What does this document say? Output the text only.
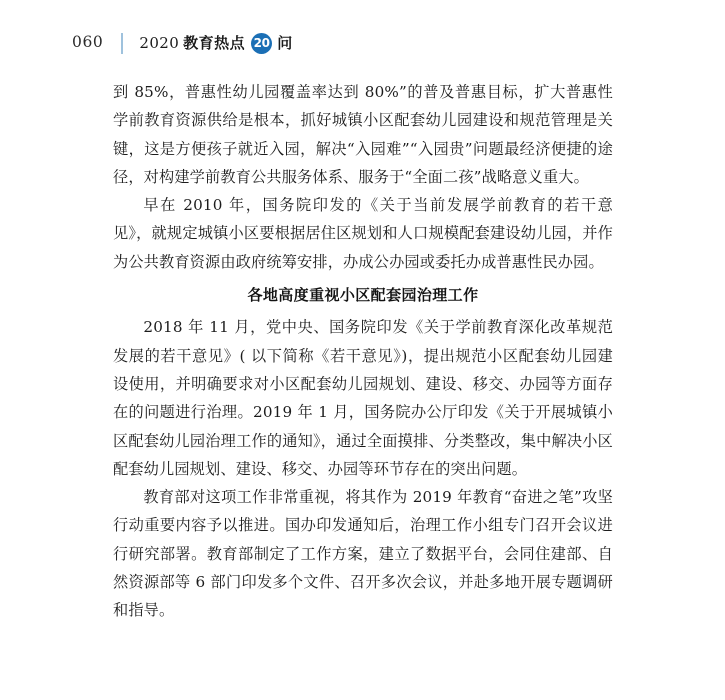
060 2020 教育热点 20 问

到 85%，普惠性幼儿园覆盖率达到 80%”的普及普惠目标，扩大普惠性学前教育资源供给是根本，抓好城镇小区配套幼儿园建设和规范管理是关键，这是方便孩子就近入园，解决“入园难”“入园贵”问题最经济便捷的途径，对构建学前教育公共服务体系、服务于“全面二孩”战略意义重大。

早在 2010 年，国务院印发的《关于当前发展学前教育的若干意见》，就规定城镇小区要根据居住区规划和人口规模配套建设幼儿园，并作为公共教育资源由政府统筹安排，办成公办园或委托办成普惠性民办园。

各地高度重视小区配套园治理工作

2018 年 11 月，党中央、国务院印发《关于学前教育深化改革规范发展的若干意见》( 以下简称《若干意见》)，提出规范小区配套幼儿园建设使用，并明确要求对小区配套幼儿园规划、建设、移交、办园等方面存在的问题进行治理。2019 年 1 月，国务院办公厅印发《关于开展城镇小区配套幼儿园治理工作的通知》，通过全面摸排、分类整改，集中解决小区配套幼儿园规划、建设、移交、办园等环节存在的突出问题。

教育部对这项工作非常重视，将其作为 2019 年教育“奋进之笔”攻坚行动重要内容予以推进。国办印发通知后，治理工作小组专门召开会议进行研究部署。教育部制定了工作方案，建立了数据平台，会同住建部、自然资源部等 6 部门印发多个文件、召开多次会议，并赴多地开展专题调研和指导。
